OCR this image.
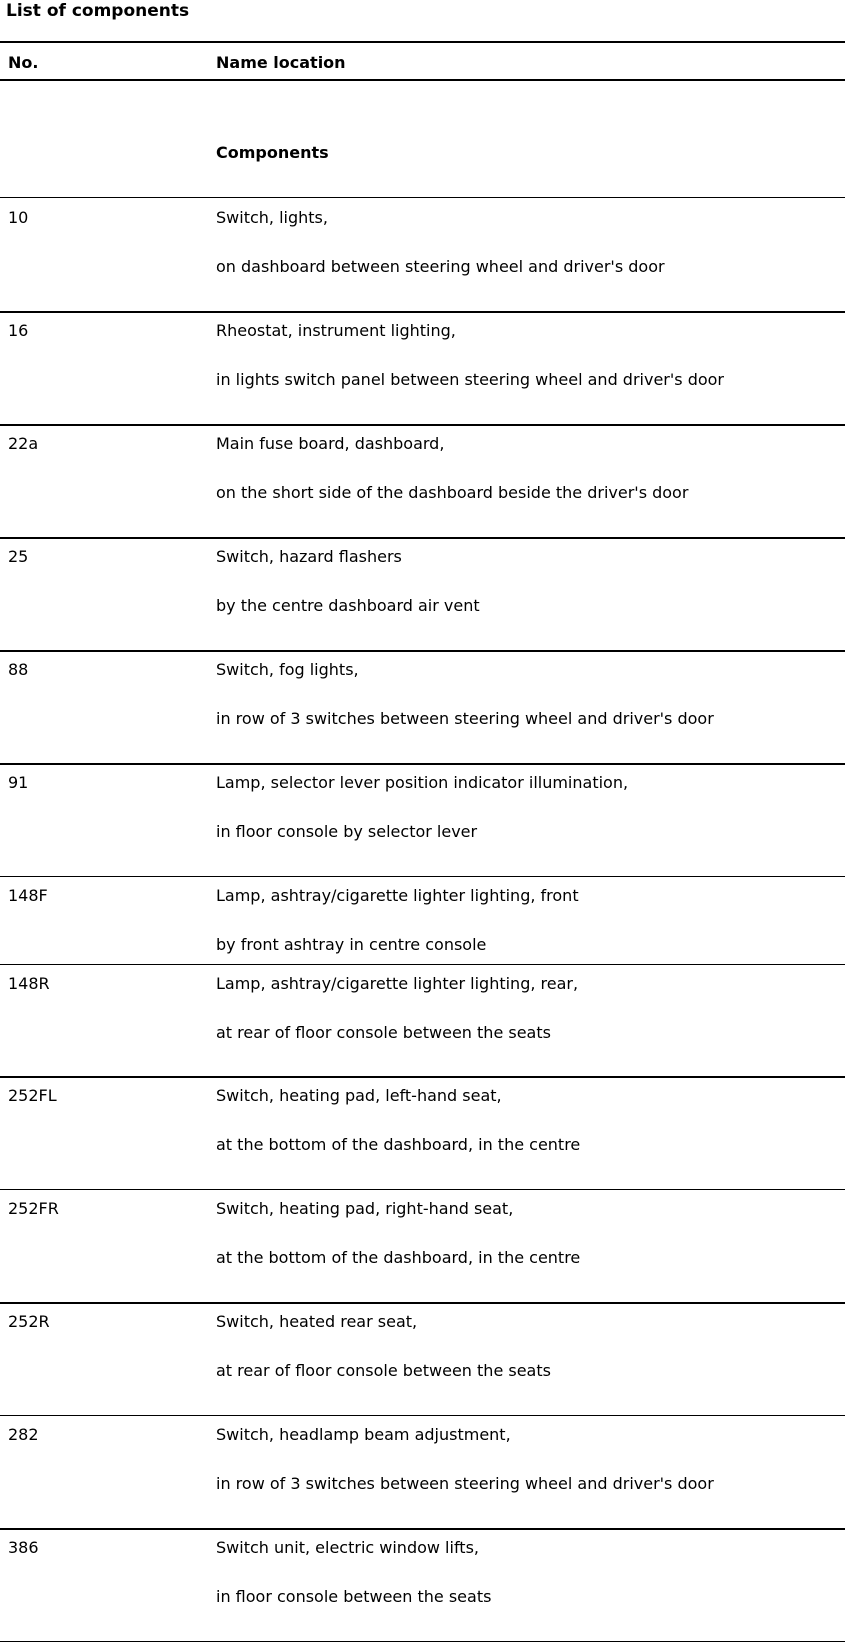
List of components
No.	Name location
Components
10	Switch, lights,
on dashboard between steering wheel and driver's door
16	Rheostat, instrument lighting,
in lights switch panel between steering wheel and driver's door
22a	Main fuse board, dashboard,
on the short side of the dashboard beside the driver's door
25	Switch, hazard flashers
by the centre dashboard air vent
88	Switch, fog lights,
in row of 3 switches between steering wheel and driver's door
91	Lamp, selector lever position indicator illumination,
in floor console by selector lever
148F	Lamp, ashtray/cigarette lighter lighting, front
by front ashtray in centre console
148R	Lamp, ashtray/cigarette lighter lighting, rear,
at rear of floor console between the seats
252FL	Switch, heating pad, left-hand seat,
at the bottom of the dashboard, in the centre
252FR	Switch, heating pad, right-hand seat,
at the bottom of the dashboard, in the centre
252R	Switch, heated rear seat,
at rear of floor console between the seats
282	Switch, headlamp beam adjustment,
in row of 3 switches between steering wheel and driver's door
386	Switch unit, electric window lifts,
in floor console between the seats
